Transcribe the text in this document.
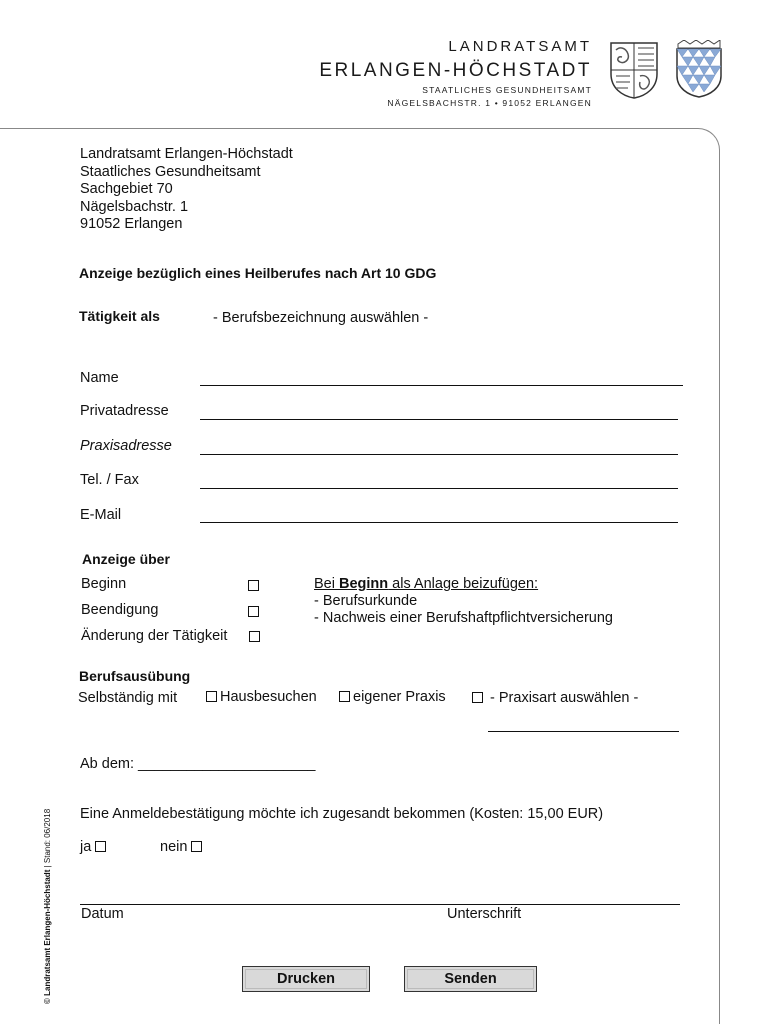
LANDRATSAMT
ERLANGEN-HÖCHSTADT
STAATLICHES GESUNDHEITSAMT
NÄGELSBACHSTR. 1 • 91052 ERLANGEN
Landratsamt Erlangen-Höchstadt
Staatliches Gesundheitsamt
Sachgebiet 70
Nägelsbachstr. 1
91052 Erlangen
Anzeige bezüglich eines Heilberufes nach Art 10 GDG
Tätigkeit als	- Berufsbezeichnung auswählen -
Name
Privatadresse
Praxisadresse
Tel. / Fax
E-Mail
Anzeige über
Beginn
Beendigung
Änderung der Tätigkeit
Bei Beginn als Anlage beizufügen:
- Berufsurkunde
- Nachweis einer Berufshaftpflichtversicherung
Berufsausübung
Selbständig mit	Hausbesuchen	eigener Praxis	- Praxisart auswählen -
Ab dem: ______________________
Eine Anmeldebestätigung möchte ich zugesandt bekommen (Kosten: 15,00 EUR)
ja	nein
Datum	Unterschrift
Drucken	Senden
© Landratsamt Erlangen-Höchstadt | Stand: 06/2018
